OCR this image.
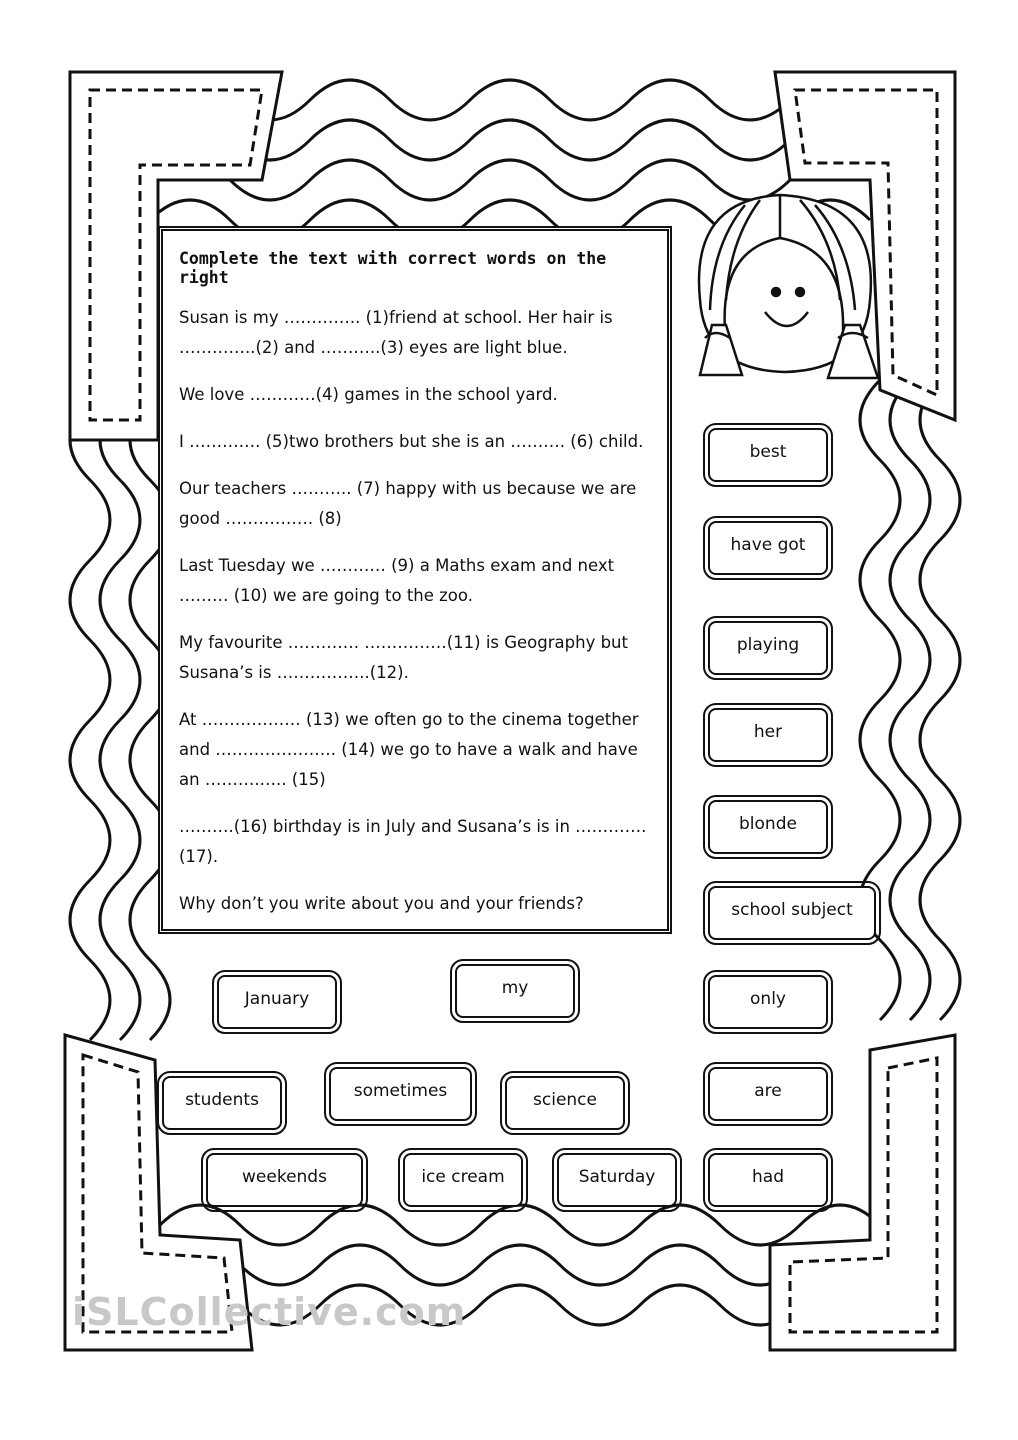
Complete the text with correct words on the right

Susan is my ………….. (1)friend at school. Her hair is …………..(2) and ………..(3) eyes are light blue.

We love …………(4) games in the school yard.

I …………. (5)two brothers but she is an ………. (6) child.

Our teachers ……….. (7) happy with us because we are good ……………. (8)

Last Tuesday we ………… (9) a Maths exam and next ……… (10) we are going to the zoo.

My favourite …………. ……………(11) is Geography but Susana’s is ……………..(12).

At ……………… (13) we often go to the cinema together and …………………. (14) we go to have a walk and have an ……….….. (15)

……….(16) birthday is in July and Susana’s is in …………. (17).

Why don’t you write about you and your friends?

best
have got
playing
her
blonde
school subject
only
are
had
January
my
students	sometimes	science
weekends	ice cream	Saturday
iSLCollective.com
